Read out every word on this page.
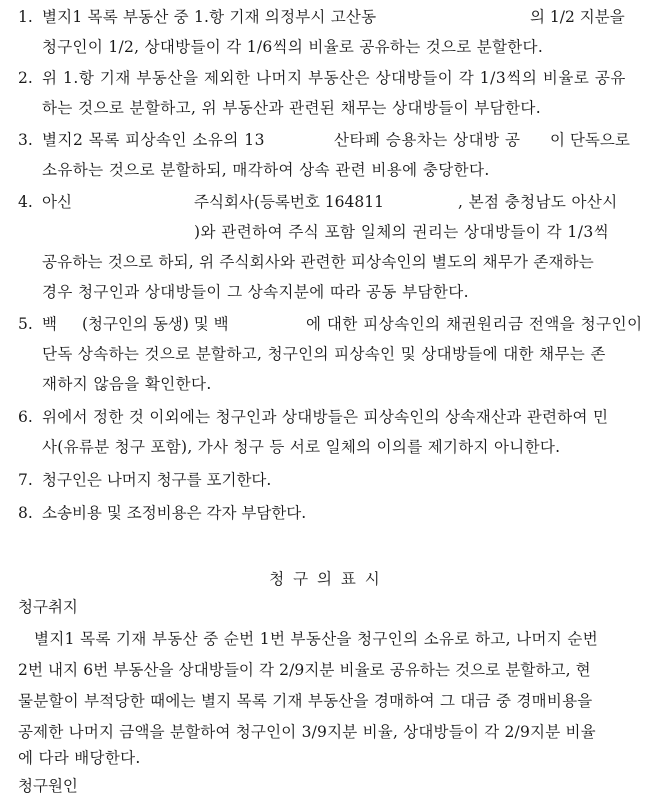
1. 별지1 목록 부동산 중 1.항 기재 의정부시 고산동	의 1/2 지분을
청구인이 1/2, 상대방들이 각 1/6씩의 비율로 공유하는 것으로 분할한다.
2. 위 1.항 기재 부동산을 제외한 나머지 부동산은 상대방들이 각 1/3씩의 비율로 공유
하는 것으로 분할하고, 위 부동산과 관련된 채무는 상대방들이 부담한다.
3. 별지2 목록 피상속인 소유의 13	산타페 승용차는 상대방 공 이 단독으로
소유하는 것으로 분할하되, 매각하여 상속 관련 비용에 충당한다.
4. 아신	주식회사(등록번호 164811	, 본점 충청남도 아산시
)와 관련하여 주식 포함 일체의 권리는 상대방들이 각 1/3씩
공유하는 것으로 하되, 위 주식회사와 관련한 피상속인의 별도의 채무가 존재하는
경우 청구인과 상대방들이 그 상속지분에 따라 공동 부담한다.
5. 백 (청구인의 동생) 및 백	에 대한 피상속인의 채권원리금 전액을 청구인이
단독 상속하는 것으로 분할하고, 청구인의 피상속인 및 상대방들에 대한 채무는 존
재하지 않음을 확인한다.
6. 위에서 정한 것 이외에는 청구인과 상대방들은 피상속인의 상속재산과 관련하여 민
사(유류분 청구 포함), 가사 청구 등 서로 일체의 이의를 제기하지 아니한다.
7. 청구인은 나머지 청구를 포기한다.
8. 소송비용 및 조정비용은 각자 부담한다.
청 구 의 표 시
청구취지
별지1 목록 기재 부동산 중 순번 1번 부동산을 청구인의 소유로 하고, 나머지 순번
2번 내지 6번 부동산을 상대방들이 각 2/9지분 비율로 공유하는 것으로 분할하고, 현
물분할이 부적당한 때에는 별지 목록 기재 부동산을 경매하여 그 대금 중 경매비용을
공제한 나머지 금액을 분할하여 청구인이 3/9지분 비율, 상대방들이 각 2/9지분 비율
에 다라 배당한다.
청구원인
